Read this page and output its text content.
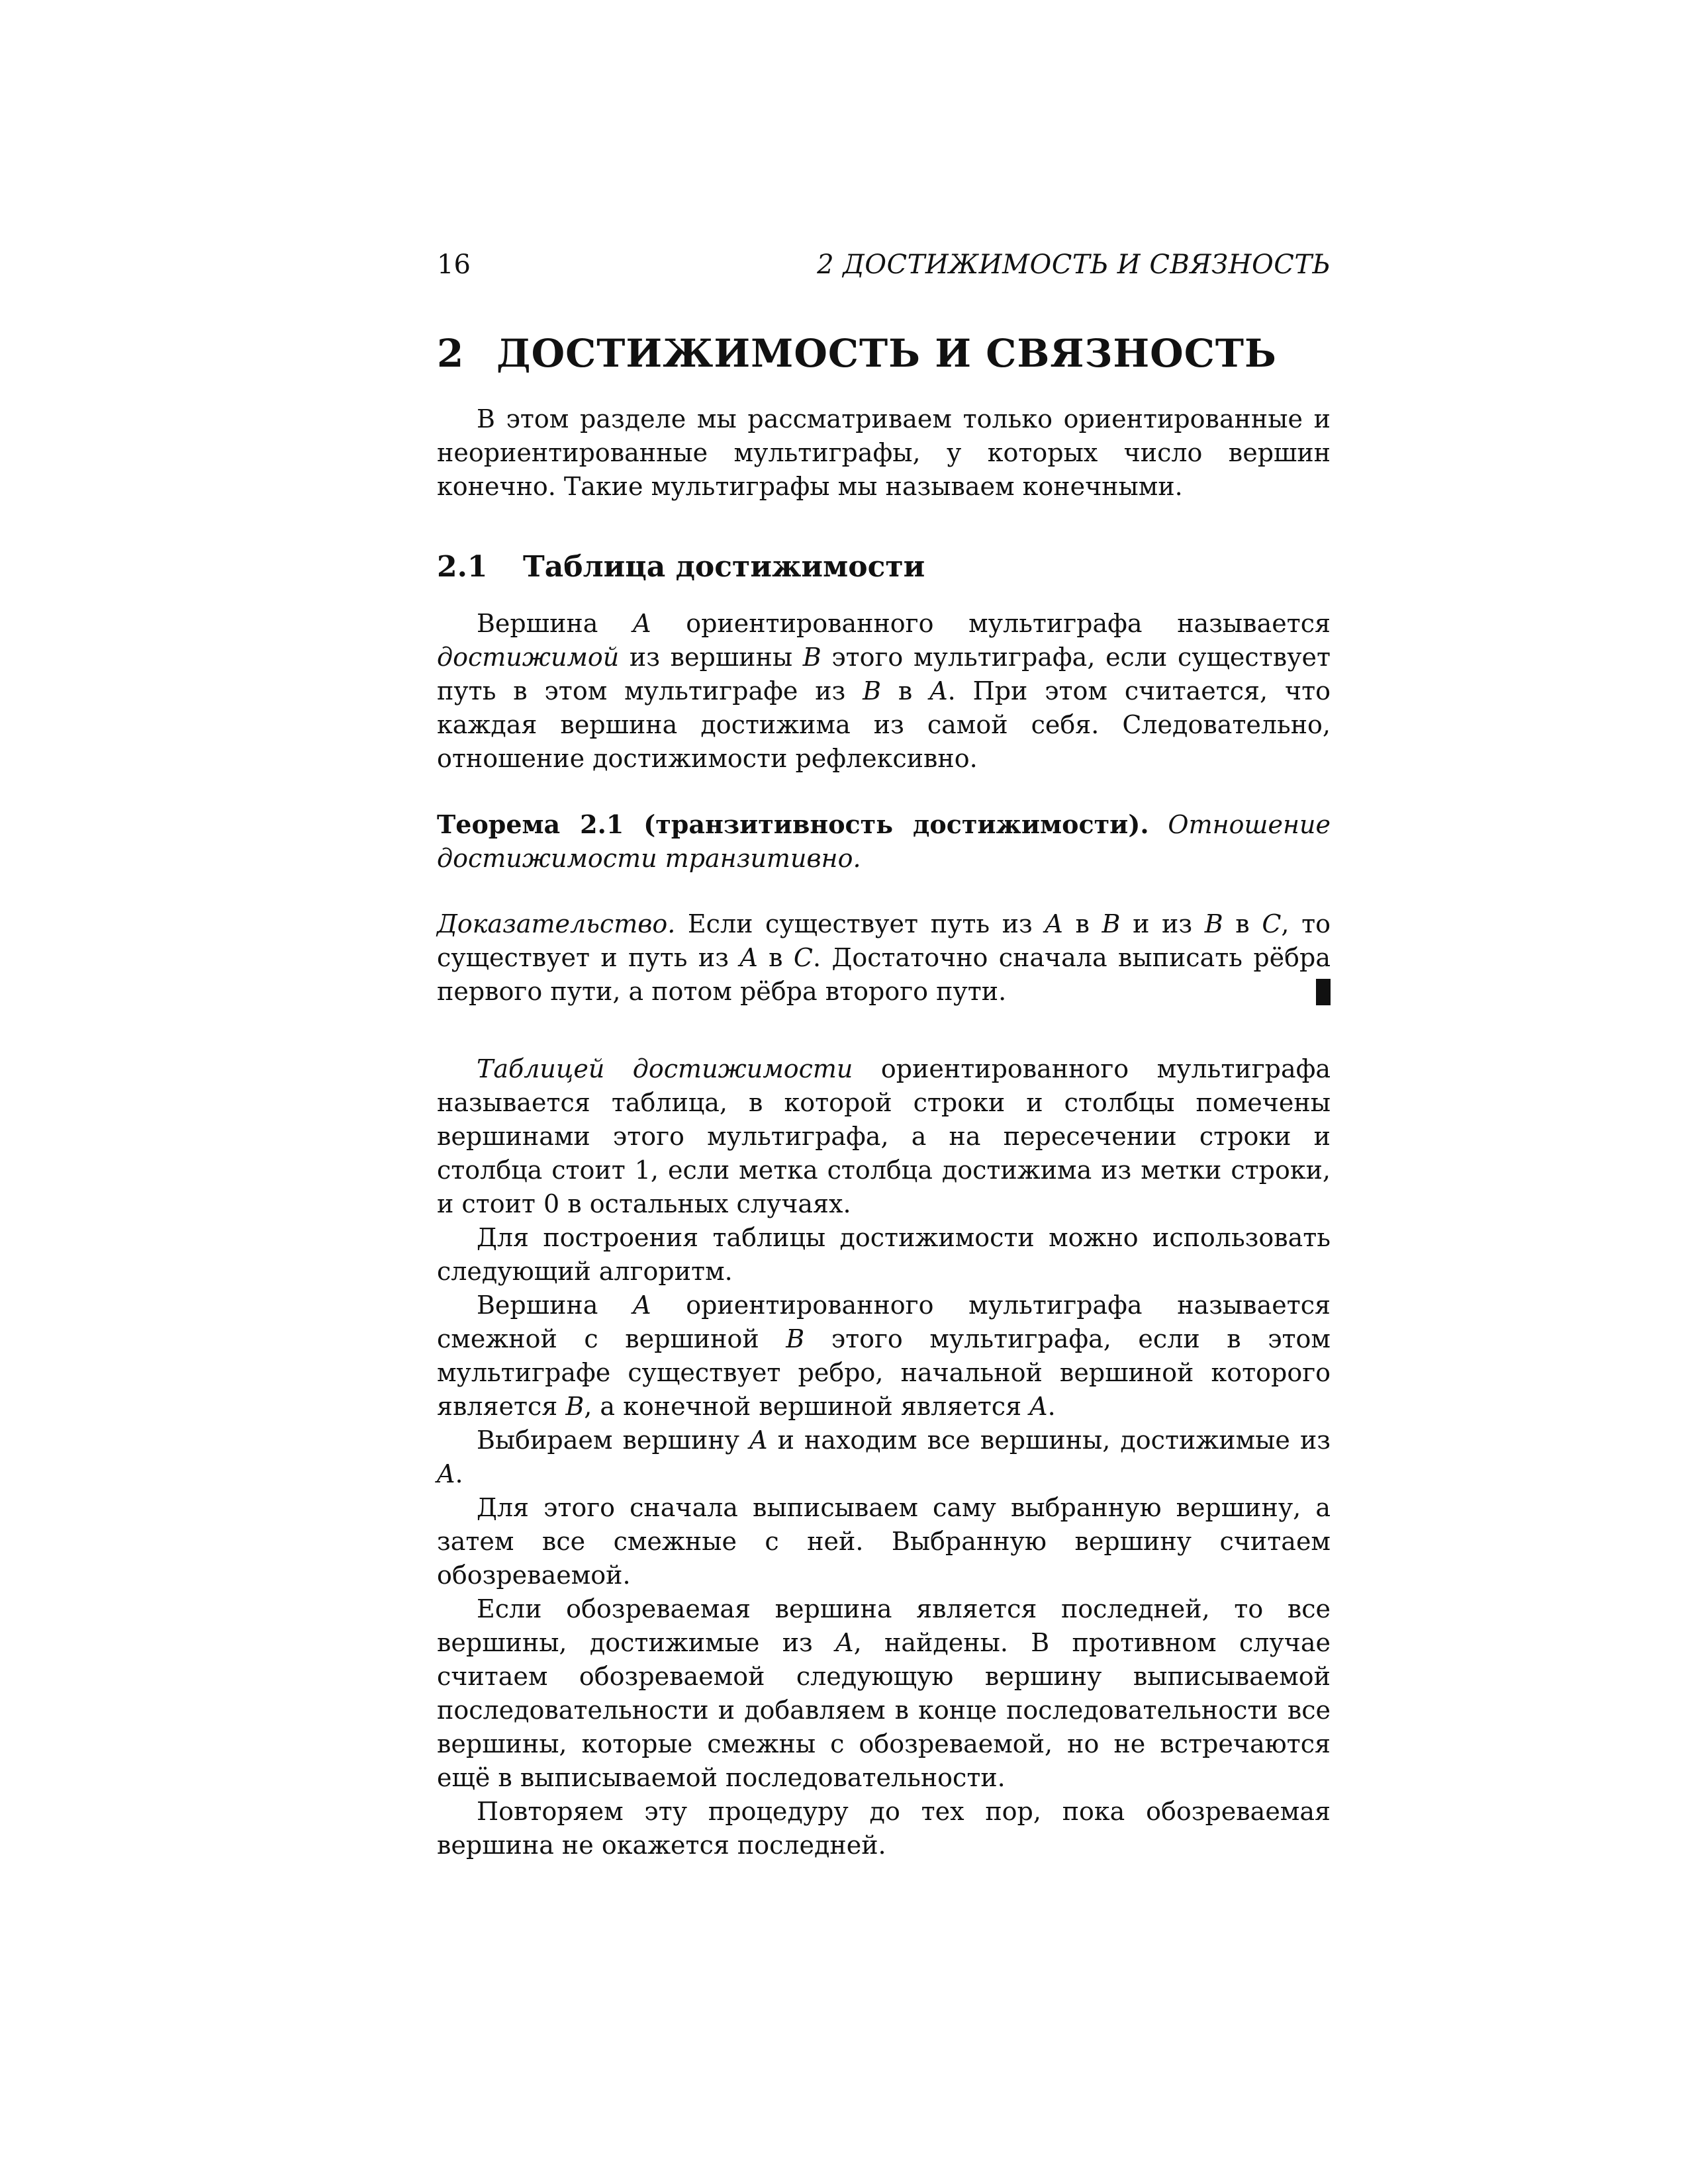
16	2 ДОСТИЖИМОСТЬ И СВЯЗНОСТЬ
2 ДОСТИЖИМОСТЬ И СВЯЗНОСТЬ

В этом разделе мы рассматриваем только ориентированные и неориентированные мультиграфы, у которых число вершин конечно. Такие мультиграфы мы называем конечными.

2.1 Таблица достижимости

Вершина A ориентированного мультиграфа называется достижимой из вершины B этого мультиграфа, если существует путь в этом мультиграфе из B в A. При этом считается, что каждая вершина достижима из самой себя. Следовательно, отношение достижимости рефлексивно.

Теорема 2.1 (транзитивность достижимости). Отношение достижимости транзитивно.

Доказательство. Если существует путь из A в B и из B в C, то существует и путь из A в C. Достаточно сначала выписать рёбра первого пути, а потом рёбра второго пути.

Таблицей достижимости ориентированного мультиграфа называется таблица, в которой строки и столбцы помечены вершинами этого мультиграфа, а на пересечении строки и столбца стоит 1, если метка столбца достижима из метки строки, и стоит 0 в остальных случаях.

Для построения таблицы достижимости можно использовать следующий алгоритм.

Вершина A ориентированного мультиграфа называется смежной с вершиной B этого мультиграфа, если в этом мультиграфе существует ребро, начальной вершиной которого является B, а конечной вершиной является A.

Выбираем вершину A и находим все вершины, достижимые из A.

Для этого сначала выписываем саму выбранную вершину, а затем все смежные с ней. Выбранную вершину считаем обозреваемой.

Если обозреваемая вершина является последней, то все вершины, достижимые из A, найдены. В противном случае считаем обозреваемой следующую вершину выписываемой последовательности и добавляем в конце последовательности все вершины, которые смежны с обозреваемой, но не встречаются ещё в выписываемой последовательности.

Повторяем эту процедуру до тех пор, пока обозреваемая вершина не окажется последней.
